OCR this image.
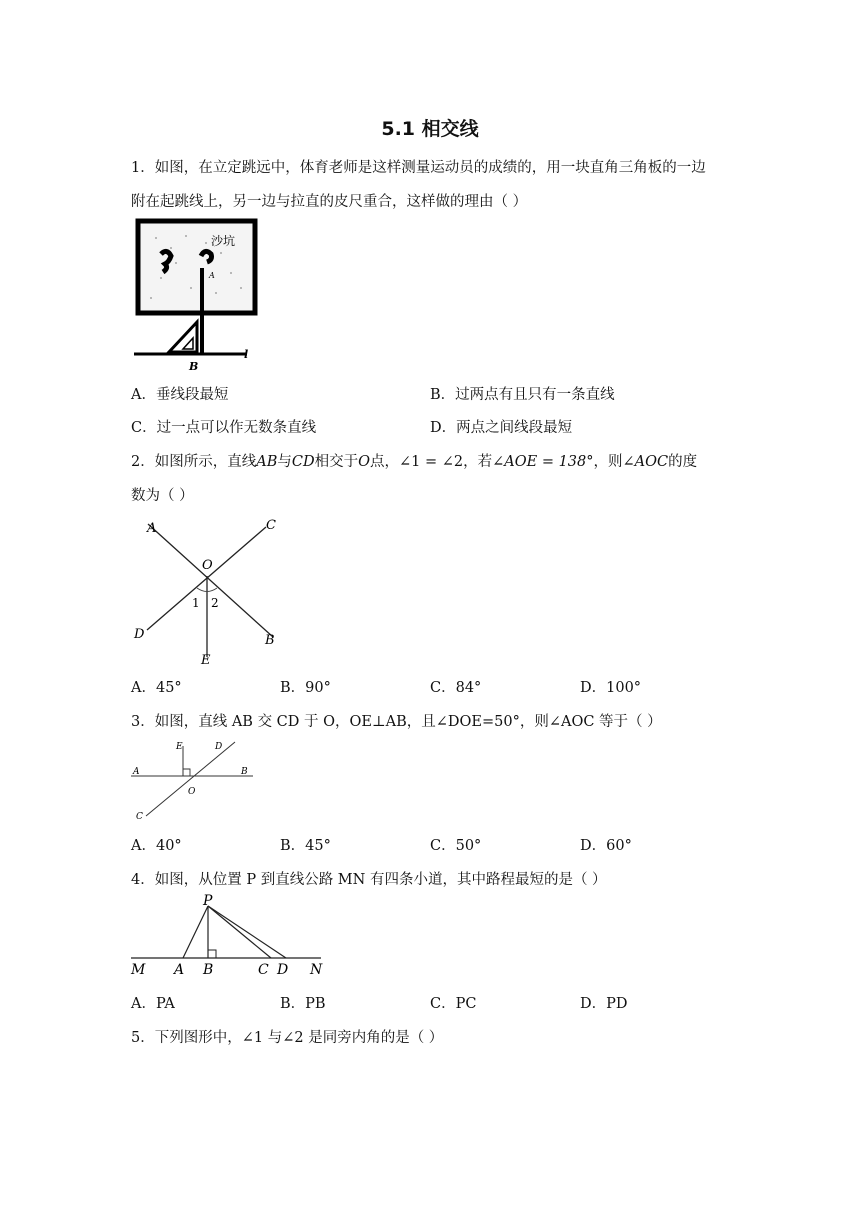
5.1 相交线
1．如图，在立定跳远中，体育老师是这样测量运动员的成绩的，用一块直角三角板的一边
附在起跳线上，另一边与拉直的皮尺重合，这样做的理由（ ）
沙坑
A
B
l
A．垂线段最短	B．过两点有且只有一条直线
C．过一点可以作无数条直线	D．两点之间线段最短
2．如图所示，直线AB与CD相交于O点，∠1 = ∠2，若∠AOE = 138°，则∠AOC的度
数为（ ）
A	C
O
1 2
D	B
E
A．45°	B．90°	C．84°	D．100°
3．如图，直线 AB 交 CD 于 O，OE⊥AB，且∠DOE=50°，则∠AOC 等于（ ）
E	D
A	B
O
C
A．40°	B．45°	C．50°	D．60°
4．如图，从位置 P 到直线公路 MN 有四条小道，其中路程最短的是（ ）
P
M A B	C D N
A．PA	B．PB	C．PC	D．PD
5．下列图形中，∠1 与∠2 是同旁内角的是（ ）
